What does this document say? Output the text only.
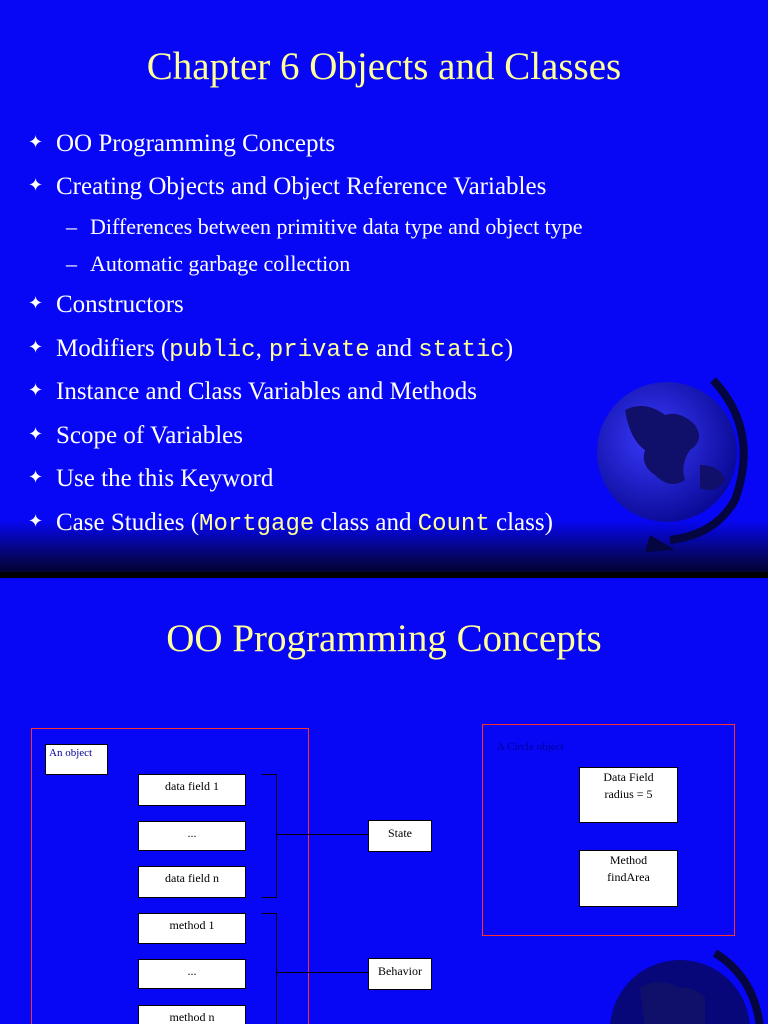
Chapter 6 Objects and Classes
✦ OO Programming Concepts
✦ Creating Objects and Object Reference Variables
– Differences between primitive data type and object type
– Automatic garbage collection
✦ Constructors
✦ Modifiers (public, private and static)
✦ Instance and Class Variables and Methods
✦ Scope of Variables
✦ Use the this Keyword
✦ Case Studies (Mortgage class and Count class)
OO Programming Concepts
An object
data field 1
...
data field n
method 1
...
method n
State
Behavior
A Circle object
Data Field
radius = 5
Method
findArea
